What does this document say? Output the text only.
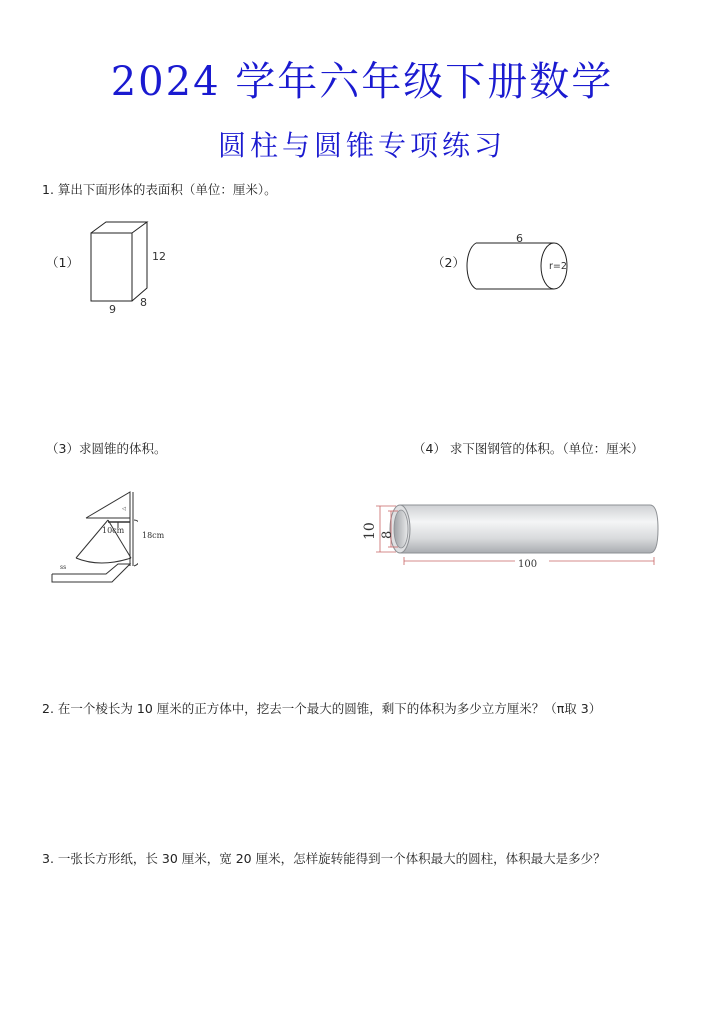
2024 学年六年级下册数学
圆柱与圆锥专项练习
1. 算出下面形体的表面积（单位：厘米）。
（1）	12
9
8
（2）
6
r=2
（3）求圆锥的体积。
◁
10cm
18cm
ss
（4） 求下图钢管的体积。（单位：厘米）
10 8
100
2. 在一个棱长为 10 厘米的正方体中，挖去一个最大的圆锥，剩下的体积为多少立方厘米？（π取 3）
3. 一张长方形纸，长 30 厘米，宽 20 厘米，怎样旋转能得到一个体积最大的圆柱，体积最大是多少？
